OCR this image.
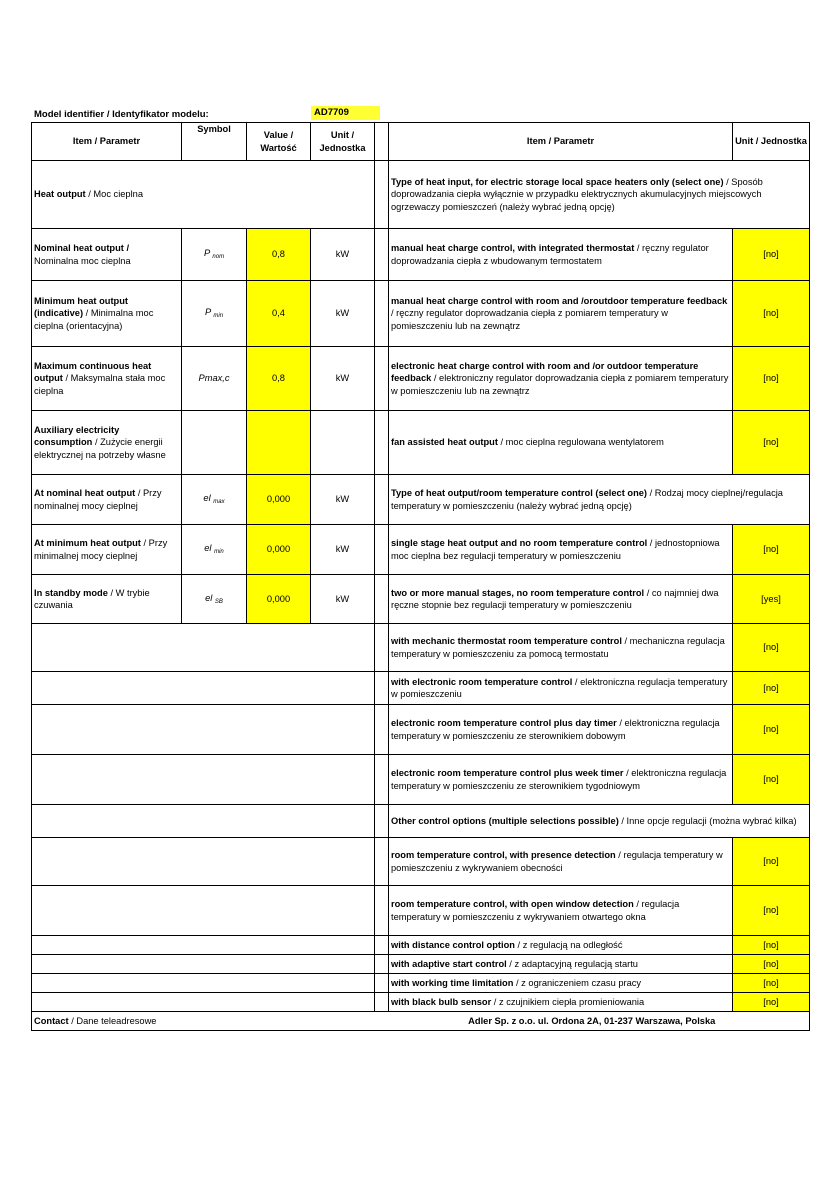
Model identifier / Identyfikator modelu:	AD7709
Item / Parametr	Symbol	Value / Wartość	Unit / Jednostka		Item / Parametr	Unit / Jednostka
Heat output / Moc cieplna					Type of heat input, for electric storage local space heaters only (select one) / Sposób doprowadzania ciepła wyłącznie w przypadku elektrycznych akumulacyjnych miejscowych ogrzewaczy pomieszczeń (należy wybrać jedną opcję)	
Nominal heat output /
Nominalna moc cieplna	P $_{nom}$	0,8	kW		manual heat charge control, with integrated thermostat / ręczny regulator doprowadzania ciepła z wbudowanym termostatem	[no]
Minimum heat output (indicative) / Minimalna moc cieplna (orientacyjna)	P $_{min}$	0,4	kW		manual heat charge control with room and /oroutdoor temperature feedback / ręczny regulator doprowadzania ciepła z pomiarem temperatury w pomieszczeniu lub na zewnątrz	[no]
Maximum continuous heat output / Maksymalna stała moc cieplna	Pmax,c	0,8	kW		electronic heat charge control with room and /or outdoor temperature feedback / elektroniczny regulator doprowadzania ciepła z pomiarem temperatury w pomieszczeniu lub na zewnątrz	[no]
Auxiliary electricity consumption / Zużycie energii elektrycznej na potrzeby własne					fan assisted heat output / moc cieplna regulowana wentylatorem	[no]
At nominal heat output / Przy nominalnej mocy cieplnej	el $_{max}$	0,000	kW		Type of heat output/room temperature control (select one) / Rodzaj mocy cieplnej/regulacja temperatury w pomieszczeniu (należy wybrać jedną opcję)	
At minimum heat output / Przy minimalnej mocy cieplnej	el $_{min}$	0,000	kW		single stage heat output and no room temperature control / jednostopniowa moc cieplna bez regulacji temperatury w pomieszczeniu	[no]
In standby mode / W trybie czuwania	el $_{SB}$	0,000	kW		two or more manual stages, no room temperature control / co najmniej dwa ręczne stopnie bez regulacji temperatury w pomieszczeniu	[yes]
					with mechanic thermostat room temperature control / mechaniczna regulacja temperatury w pomieszczeniu za pomocą termostatu	[no]
					with electronic room temperature control / elektroniczna regulacja temperatury w pomieszczeniu	[no]
					electronic room temperature control plus day timer / elektroniczna regulacja temperatury w pomieszczeniu ze sterownikiem dobowym	[no]
					electronic room temperature control plus week timer / elektroniczna regulacja temperatury w pomieszczeniu ze sterownikiem tygodniowym	[no]
					Other control options (multiple selections possible) / Inne opcje regulacji (można wybrać kilka)	
					room temperature control, with presence detection / regulacja temperatury w pomieszczeniu z wykrywaniem obecności	[no]
					room temperature control, with open window detection / regulacja temperatury w pomieszczeniu z wykrywaniem otwartego okna	[no]
					with distance control option / z regulacją na odległość	[no]
					with adaptive start control / z adaptacyjną regulacją startu	[no]
					with working time limitation / z ograniczeniem czasu pracy	[no]
					with black bulb sensor / z czujnikiem ciepła promieniowania	[no]
Contact / Dane teleadresowe				Adler Sp. z o.o. ul. Ordona 2A, 01-237 Warszawa, Polska		
